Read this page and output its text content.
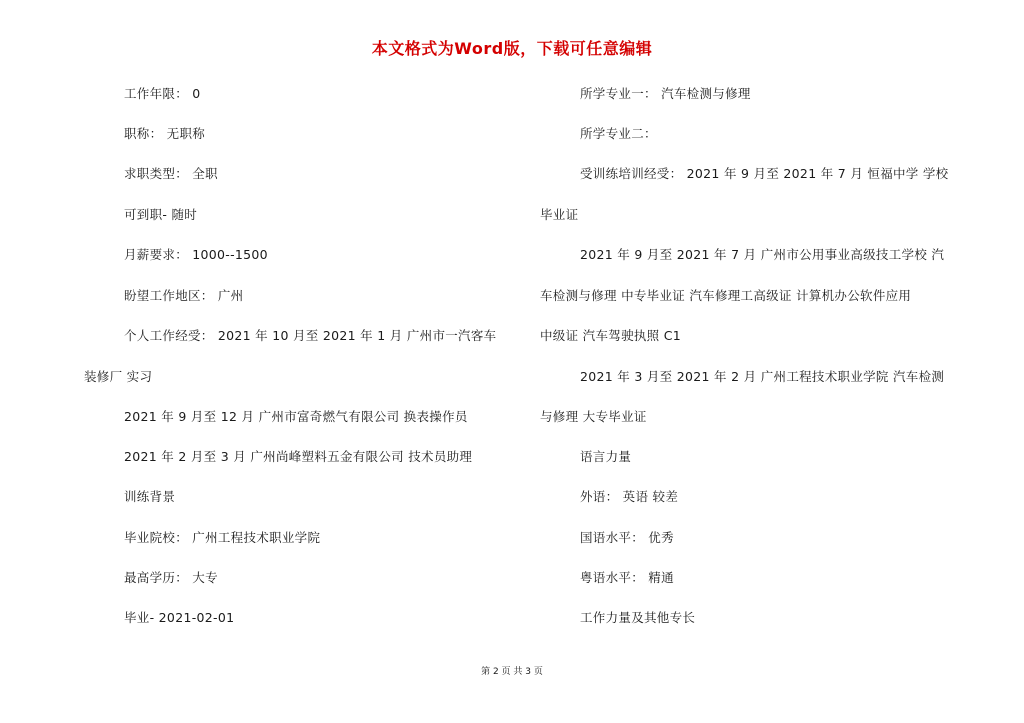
本文格式为Word版，下载可任意编辑
工作年限： 0
职称： 无职称
求职类型： 全职
可到职- 随时
月薪要求： 1000--1500
盼望工作地区： 广州
个人工作经受： 2021 年 10 月至 2021 年 1 月 广州市一汽客车
装修厂 实习
2021 年 9 月至 12 月 广州市富奇燃气有限公司 换表操作员
2021 年 2 月至 3 月 广州尚峰塑料五金有限公司 技术员助理
训练背景
毕业院校： 广州工程技术职业学院
最高学历： 大专
毕业- 2021-02-01
所学专业一： 汽车检测与修理
所学专业二：
受训练培训经受： 2021 年 9 月至 2021 年 7 月 恒福中学 学校
毕业证
2021 年 9 月至 2021 年 7 月 广州市公用事业高级技工学校 汽
车检测与修理 中专毕业证 汽车修理工高级证 计算机办公软件应用
中级证 汽车驾驶执照 C1
2021 年 3 月至 2021 年 2 月 广州工程技术职业学院 汽车检测
与修理 大专毕业证
语言力量
外语： 英语 较差
国语水平： 优秀
粤语水平： 精通
工作力量及其他专长
第 2 页 共 3 页
